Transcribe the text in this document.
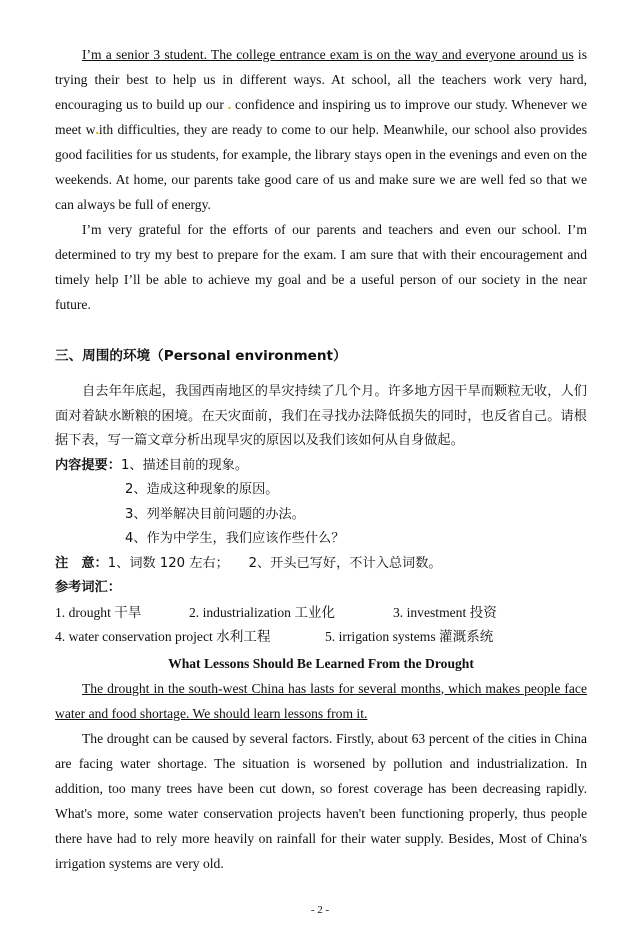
I’m a senior 3 student. The college entrance exam is on the way and everyone around us is trying their best to help us in different ways. At school, all the teachers work very hard, encouraging us to build up our . confidence and inspiring us to improve our study. Whenever we meet w.ith difficulties, they are ready to come to our help. Meanwhile, our school also provides good facilities for us students, for example, the library stays open in the evenings and even on the weekends. At home, our parents take good care of us and make sure we are well fed so that we can always be full of energy.

I’m very grateful for the efforts of our parents and teachers and even our school. I’m determined to try my best to prepare for the exam. I am sure that with their encouragement and timely help I’ll be able to achieve my goal and be a useful person of our society in the near future.

三、周围的环境（Personal environment）

自去年年底起，我国西南地区的旱灾持续了几个月。许多地方因干旱而颗粒无收，人们面对着缺水断粮的困境。在天灾面前，我们在寻找办法降低损失的同时，也反省自己。请根据下表，写一篇文章分析出现旱灾的原因以及我们该如何从自身做起。

内容提要：1、描述目前的现象。

2、造成这种现象的原因。

3、列举解决目前问题的办法。

4、作为中学生，我们应该作些什么？

注　意：1、词数 120 左右；　　2、开头已写好，不计入总词数。

参考词汇：

1. drought 干旱	2. industrialization 工业化	3. investment 投资
4. water conservation project 水利工程	5. irrigation systems 灌溉系统

What Lessons Should Be Learned From the Drought

The drought in the south-west China has lasts for several months, which makes people face water and food shortage. We should learn lessons from it.

The drought can be caused by several factors. Firstly, about 63 percent of the cities in China are facing water shortage. The situation is worsened by pollution and industrialization. In addition, too many trees have been cut down, so forest coverage has been decreasing rapidly. What's more, some water conservation projects haven't been functioning properly, thus people there have had to rely more heavily on rainfall for their water supply. Besides, Most of China's irrigation systems are very old.

- 2 -
